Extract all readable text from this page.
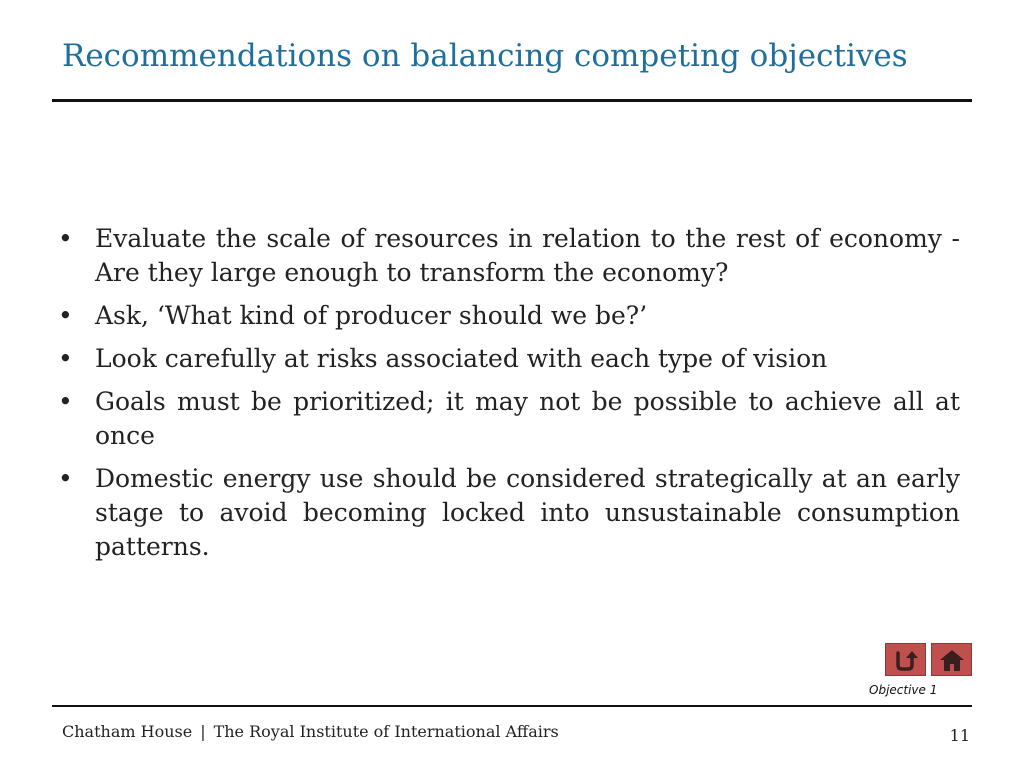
Recommendations on balancing competing objectives
• Evaluate the scale of resources in relation to the rest of economy - Are they large enough to transform the economy?
• Ask, ‘What kind of producer should we be?’
• Look carefully at risks associated with each type of vision
• Goals must be prioritized; it may not be possible to achieve all at once
• Domestic energy use should be considered strategically at an early stage to avoid becoming locked into unsustainable consumption patterns.
Objective 1
Chatham House | The Royal Institute of International Affairs	11
